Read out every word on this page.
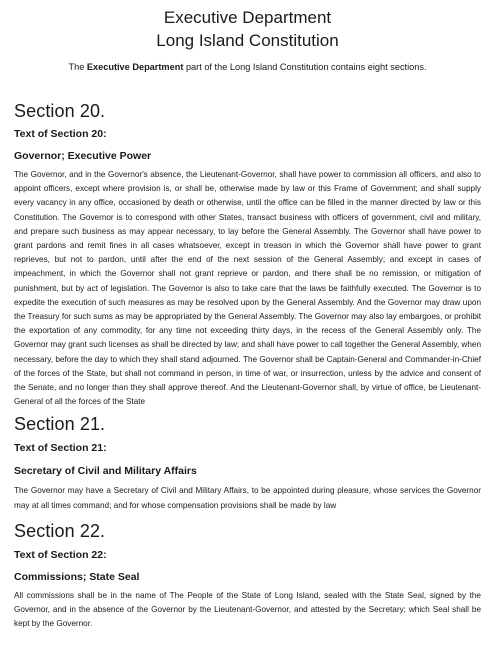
Executive Department
Long Island Constitution

The Executive Department part of the Long Island Constitution contains eight sections.

Section 20.
Text of Section 20:
Governor; Executive Power

The Governor, and in the Governor's absence, the Lieutenant-Governor, shall have power to commission all officers, and also to appoint officers, except where provision is, or shall be, otherwise made by law or this Frame of Government; and shall supply every vacancy in any office, occasioned by death or otherwise, until the office can be filled in the manner directed by law or this Constitution. The Governor is to correspond with other States, transact business with officers of government, civil and military, and prepare such business as may appear necessary, to lay before the General Assembly. The Governor shall have power to grant pardons and remit fines in all cases whatsoever, except in treason in which the Governor shall have power to grant reprieves, but not to pardon, until after the end of the next session of the General Assembly; and except in cases of impeachment, in which the Governor shall not grant reprieve or pardon, and there shall be no remission, or mitigation of punishment, but by act of legislation. The Governor is also to take care that the laws be faithfully executed. The Governor is to expedite the execution of such measures as may be resolved upon by the General Assembly. And the Governor may draw upon the Treasury for such sums as may be appropriated by the General Assembly. The Governor may also lay embargoes, or prohibit the exportation of any commodity, for any time not exceeding thirty days, in the recess of the General Assembly only. The Governor may grant such licenses as shall be directed by law; and shall have power to call together the General Assembly, when necessary, before the day to which they shall stand adjourned. The Governor shall be Captain-General and Commander-in-Chief of the forces of the State, but shall not command in person, in time of war, or insurrection, unless by the advice and consent of the Senate, and no longer than they shall approve thereof. And the Lieutenant-Governor shall, by virtue of office, be Lieutenant-General of all the forces of the State

Section 21.
Text of Section 21:
Secretary of Civil and Military Affairs

The Governor may have a Secretary of Civil and Military Affairs, to be appointed during pleasure, whose services the Governor may at all times command; and for whose compensation provisions shall be made by law

Section 22.
Text of Section 22:
Commissions; State Seal

All commissions shall be in the name of The People of the State of Long Island, sealed with the State Seal, signed by the Governor, and in the absence of the Governor by the Lieutenant-Governor, and attested by the Secretary; which Seal shall be kept by the Governor.
